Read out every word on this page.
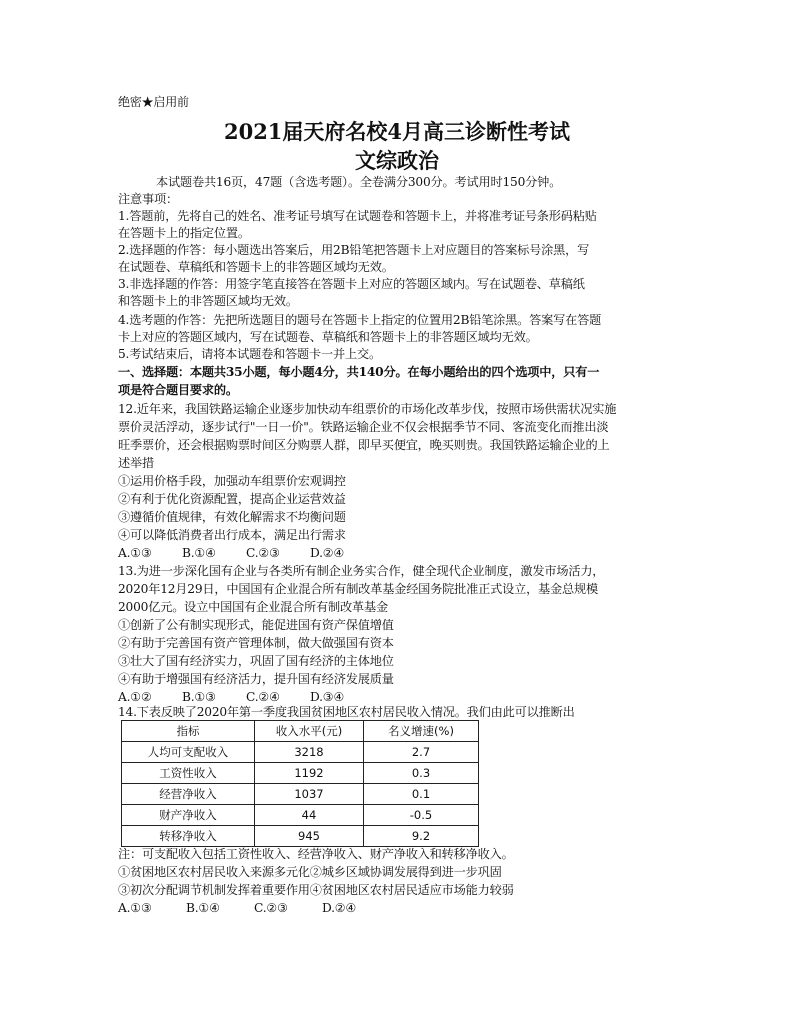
绝密★启用前
2021届天府名校4月高三诊断性考试
文综政治
本试题卷共16页，47题（含选考题）。全卷满分300分。考试用时150分钟。
注意事项：
1.答题前，先将自己的姓名、准考证号填写在试题卷和答题卡上，并将准考证号条形码粘贴
在答题卡上的指定位置。
2.选择题的作答：每小题选出答案后，用2B铅笔把答题卡上对应题目的答案标号涂黑，写
在试题卷、草稿纸和答题卡上的非答题区域均无效。
3.非选择题的作答：用签字笔直接答在答题卡上对应的答题区域内。写在试题卷、草稿纸
和答题卡上的非答题区域均无效。
4.选考题的作答：先把所选题目的题号在答题卡上指定的位置用2B铅笔涂黑。答案写在答题
卡上对应的答题区域内，写在试题卷、草稿纸和答题卡上的非答题区域均无效。
5.考试结束后，请将本试题卷和答题卡一并上交。
一、选择题：本题共35小题，每小题4分，共140分。在每小题给出的四个选项中，只有一
项是符合题目要求的。
12.近年来，我国铁路运输企业逐步加快动车组票价的市场化改革步伐，按照市场供需状况实施
票价灵活浮动，逐步试行"一日一价"。铁路运输企业不仅会根据季节不同、客流变化而推出淡
旺季票价，还会根据购票时间区分购票人群，即早买便宜，晚买则贵。我国铁路运输企业的上
述举措
①运用价格手段，加强动车组票价宏观调控
②有利于优化资源配置，提高企业运营效益
③遵循价值规律，有效化解需求不均衡问题
④可以降低消费者出行成本，满足出行需求
A.①③ B.①④ C.②③ D.②④
13.为进一步深化国有企业与各类所有制企业务实合作，健全现代企业制度，激发市场活力，
2020年12月29日，中国国有企业混合所有制改革基金经国务院批准正式设立，基金总规模
2000亿元。设立中国国有企业混合所有制改革基金
①创新了公有制实现形式，能促进国有资产保值增值
②有助于完善国有资产管理体制，做大做强国有资本
③壮大了国有经济实力，巩固了国有经济的主体地位
④有助于增强国有经济活力，提升国有经济发展质量
A.①② B.①③ C.②④ D.③④
14.下表反映了2020年第一季度我国贫困地区农村居民收入情况。我们由此可以推断出
指标	收入水平(元)	名义增速(%)
人均可支配收入	3218	2.7
工资性收入	1192	0.3
经营净收入	1037	0.1
财产净收入	44	-0.5
转移净收入	945	9.2
注：可支配收入包括工资性收入、经营净收入、财产净收入和转移净收入。
①贫困地区农村居民收入来源多元化②城乡区域协调发展得到进一步巩固
③初次分配调节机制发挥着重要作用④贫困地区农村居民适应市场能力较弱
A.①③	B.①④	C.②③	D.②④
